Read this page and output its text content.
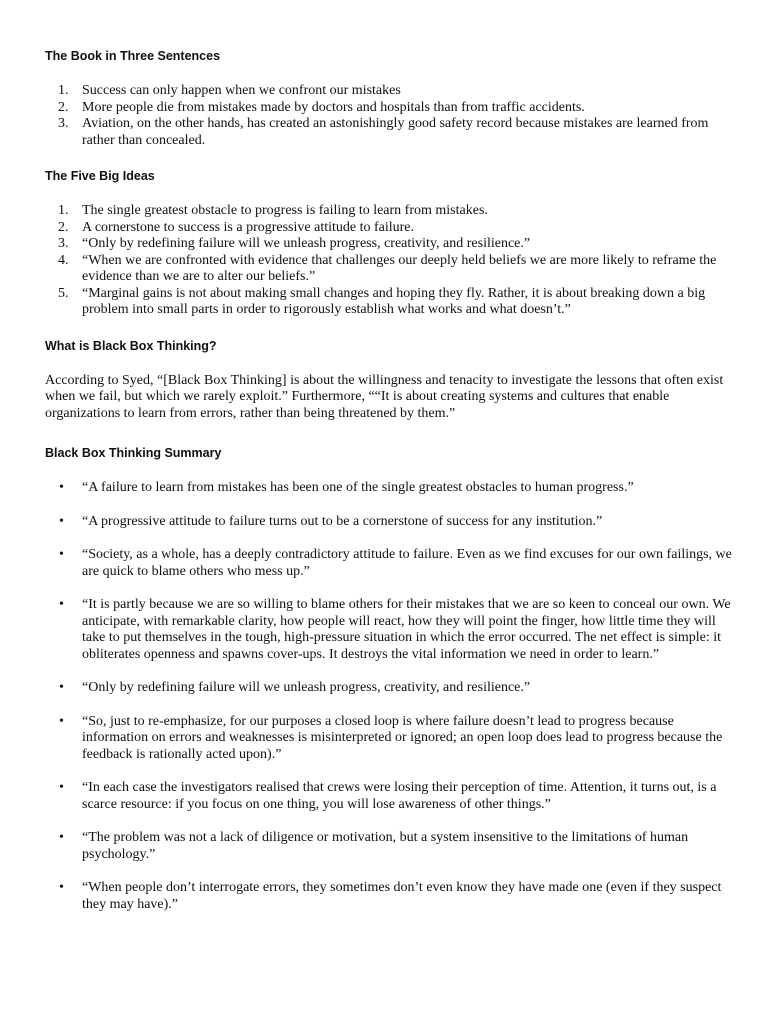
The Book in Three Sentences
1. Success can only happen when we confront our mistakes
2. More people die from mistakes made by doctors and hospitals than from traffic accidents.
3. Aviation, on the other hands, has created an astonishingly good safety record because mistakes are learned from rather than concealed.
The Five Big Ideas
1. The single greatest obstacle to progress is failing to learn from mistakes.
2. A cornerstone to success is a progressive attitude to failure.
3. “Only by redefining failure will we unleash progress, creativity, and resilience.”
4. “When we are confronted with evidence that challenges our deeply held beliefs we are more likely to reframe the evidence than we are to alter our beliefs.”
5. “Marginal gains is not about making small changes and hoping they fly. Rather, it is about breaking down a big problem into small parts in order to rigorously establish what works and what doesn’t.”
What is Black Box Thinking?

According to Syed, “[Black Box Thinking] is about the willingness and tenacity to investigate the lessons that often exist when we fail, but which we rarely exploit.” Furthermore, ““It is about creating systems and cultures that enable organizations to learn from errors, rather than being threatened by them.”

Black Box Thinking Summary
• “A failure to learn from mistakes has been one of the single greatest obstacles to human progress.”
• “A progressive attitude to failure turns out to be a cornerstone of success for any institution.”
• “Society, as a whole, has a deeply contradictory attitude to failure. Even as we find excuses for our own failings, we are quick to blame others who mess up.”
• “It is partly because we are so willing to blame others for their mistakes that we are so keen to conceal our own. We anticipate, with remarkable clarity, how people will react, how they will point the finger, how little time they will take to put themselves in the tough, high-pressure situation in which the error occurred. The net effect is simple: it obliterates openness and spawns cover-ups. It destroys the vital information we need in order to learn.”
• “Only by redefining failure will we unleash progress, creativity, and resilience.”
• “So, just to re-emphasize, for our purposes a closed loop is where failure doesn’t lead to progress because information on errors and weaknesses is misinterpreted or ignored; an open loop does lead to progress because the feedback is rationally acted upon).”
• “In each case the investigators realised that crews were losing their perception of time. Attention, it turns out, is a scarce resource: if you focus on one thing, you will lose awareness of other things.”
• “The problem was not a lack of diligence or motivation, but a system insensitive to the limitations of human psychology.”
• “When people don’t interrogate errors, they sometimes don’t even know they have made one (even if they suspect they may have).”
